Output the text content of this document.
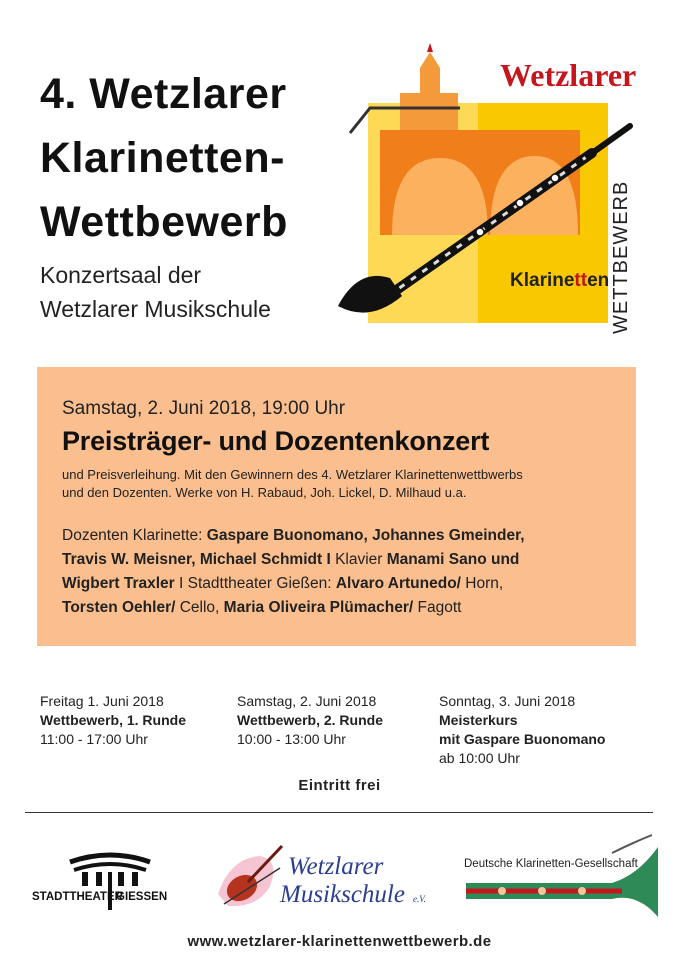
4. Wetzlarer
Klarinetten-
Wettbewerb
Konzertsaal der
Wetzlarer Musikschule
Wetzlarer
Klarinetten WETTBEWERB
Samstag, 2. Juni 2018, 19:00 Uhr
Preisträger- und Dozentenkonzert
und Preisverleihung. Mit den Gewinnern des 4. Wetzlarer Klarinettenwettbwerbs
und den Dozenten. Werke von H. Rabaud, Joh. Lickel, D. Milhaud u.a.
Dozenten Klarinette: Gaspare Buonomano, Johannes Gmeinder,
Travis W. Meisner, Michael Schmidt I Klavier Manami Sano und
Wigbert Traxler I Stadttheater Gießen: Alvaro Artunedo/ Horn,
Torsten Oehler/ Cello, Maria Oliveira Plümacher/ Fagott
Freitag 1. Juni 2018
Wettbewerb, 1. Runde
11:00 - 17:00 Uhr
Samstag, 2. Juni 2018
Wettbewerb, 2. Runde
10:00 - 13:00 Uhr
Sonntag, 3. Juni 2018
Meisterkurs
mit Gaspare Buonomano
ab 10:00 Uhr
Eintritt frei
STADTTHEATER
GIESSEN
Wetzlarer
Musikschule e.V.
Deutsche Klarinetten-Gesellschaft
www.wetzlarer-klarinettenwettbewerb.de
